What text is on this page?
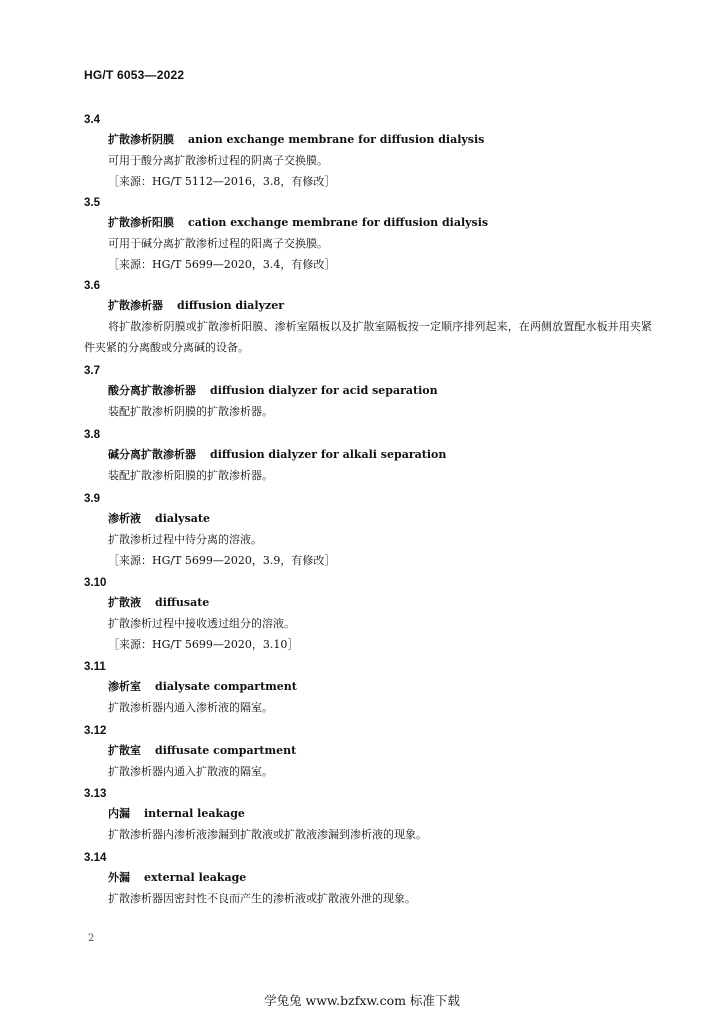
HG/T 6053—2022
3.4
扩散渗析阴膜 anion exchange membrane for diffusion dialysis
可用于酸分离扩散渗析过程的阴离子交换膜。
［来源：HG/T 5112—2016，3.8，有修改］
3.5
扩散渗析阳膜 cation exchange membrane for diffusion dialysis
可用于碱分离扩散渗析过程的阳离子交换膜。
［来源：HG/T 5699—2020，3.4，有修改］
3.6
扩散渗析器 diffusion dialyzer
将扩散渗析阴膜或扩散渗析阳膜、渗析室隔板以及扩散室隔板按一定顺序排列起来，在两侧放置配水板并用夹紧件夹紧的分离酸或分离碱的设备。
3.7
酸分离扩散渗析器 diffusion dialyzer for acid separation
装配扩散渗析阴膜的扩散渗析器。
3.8
碱分离扩散渗析器 diffusion dialyzer for alkali separation
装配扩散渗析阳膜的扩散渗析器。
3.9
渗析液 dialysate
扩散渗析过程中待分离的溶液。
［来源：HG/T 5699—2020，3.9，有修改］
3.10
扩散液 diffusate
扩散渗析过程中接收透过组分的溶液。
［来源：HG/T 5699—2020，3.10］
3.11
渗析室 dialysate compartment
扩散渗析器内通入渗析液的隔室。
3.12
扩散室 diffusate compartment
扩散渗析器内通入扩散液的隔室。
3.13
内漏 internal leakage
扩散渗析器内渗析液渗漏到扩散液或扩散液渗漏到渗析液的现象。
3.14
外漏 external leakage
扩散渗析器因密封性不良而产生的渗析液或扩散液外泄的现象。
2
学兔兔 www.bzfxw.com 标准下载
